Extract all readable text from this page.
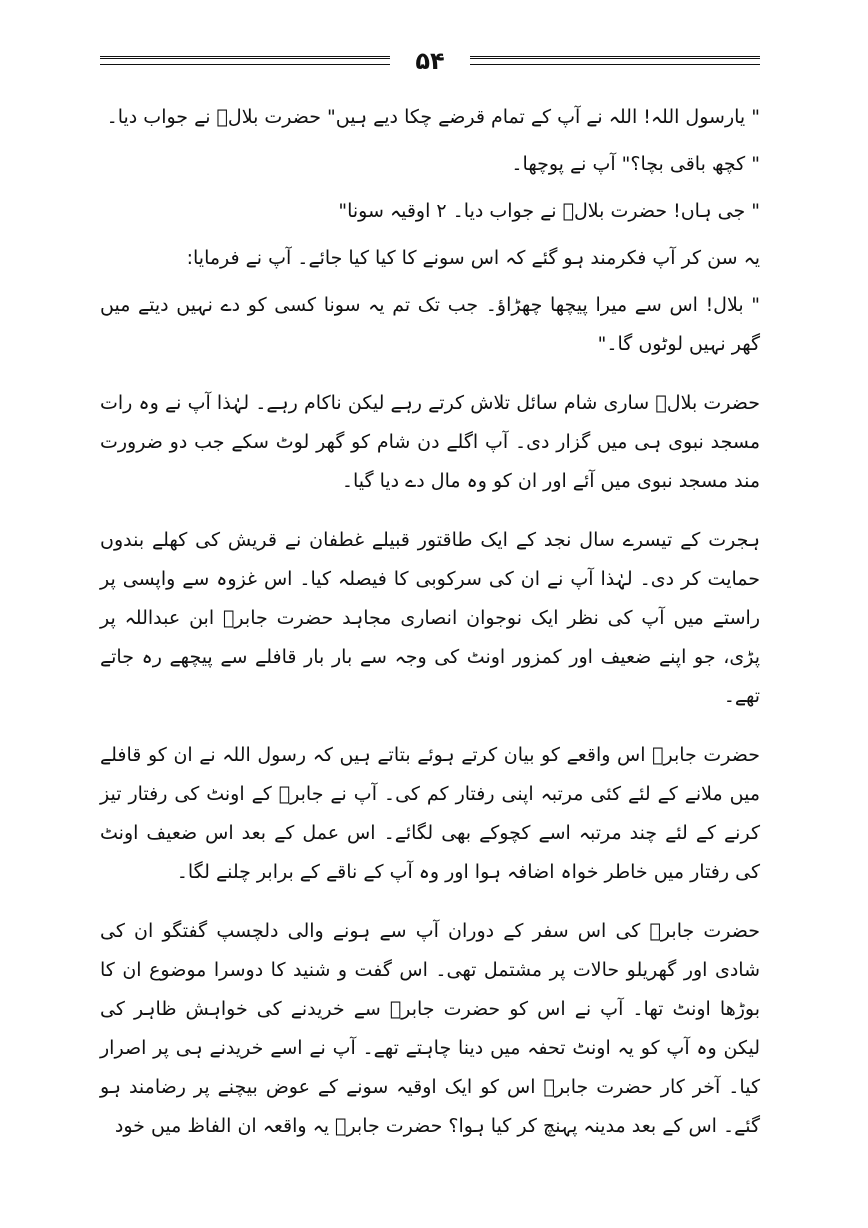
۵۴

" یارسول اللہ! اللہ نے آپ کے تمام قرضے چکا دیے ہیں" حضرت بلالؓ نے جواب دیا۔

" کچھ باقی بچا؟" آپ نے پوچھا۔

" جی ہاں! حضرت بلالؓ نے جواب دیا۔ ۲ اوقیہ سونا"

یہ سن کر آپ فکرمند ہو گئے کہ اس سونے کا کیا کیا جائے۔ آپ نے فرمایا:

" بلال! اس سے میرا پیچھا چھڑاؤ۔ جب تک تم یہ سونا کسی کو دے نہیں دیتے میں گھر نہیں لوٹوں گا۔"

حضرت بلالؓ ساری شام سائل تلاش کرتے رہے لیکن ناکام رہے۔ لہٰذا آپ نے وہ رات مسجد نبوی ہی میں گزار دی۔ آپ اگلے دن شام کو گھر لوٹ سکے جب دو ضرورت مند مسجد نبوی میں آئے اور ان کو وہ مال دے دیا گیا۔

ہجرت کے تیسرے سال نجد کے ایک طاقتور قبیلے غطفان نے قریش کی کھلے بندوں حمایت کر دی۔ لہٰذا آپ نے ان کی سرکوبی کا فیصلہ کیا۔ اس غزوہ سے واپسی پر راستے میں آپ کی نظر ایک نوجوان انصاری مجاہد حضرت جابرؓ ابن عبداللہ پر پڑی، جو اپنے ضعیف اور کمزور اونٹ کی وجہ سے بار بار قافلے سے پیچھے رہ جاتے تھے۔

حضرت جابرؓ اس واقعے کو بیان کرتے ہوئے بتاتے ہیں کہ رسول اللہ نے ان کو قافلے میں ملانے کے لئے کئی مرتبہ اپنی رفتار کم کی۔ آپ نے جابرؓ کے اونٹ کی رفتار تیز کرنے کے لئے چند مرتبہ اسے کچوکے بھی لگائے۔ اس عمل کے بعد اس ضعیف اونٹ کی رفتار میں خاطر خواہ اضافہ ہوا اور وہ آپ کے ناقے کے برابر چلنے لگا۔

حضرت جابرؓ کی اس سفر کے دوران آپ سے ہونے والی دلچسپ گفتگو ان کی شادی اور گھریلو حالات پر مشتمل تھی۔ اس گفت و شنید کا دوسرا موضوع ان کا بوڑھا اونٹ تھا۔ آپ نے اس کو حضرت جابرؓ سے خریدنے کی خواہش ظاہر کی لیکن وہ آپ کو یہ اونٹ تحفہ میں دینا چاہتے تھے۔ آپ نے اسے خریدنے ہی پر اصرار کیا۔ آخر کار حضرت جابرؓ اس کو ایک اوقیہ سونے کے عوض بیچنے پر رضامند ہو گئے۔ اس کے بعد مدینہ پہنچ کر کیا ہوا؟ حضرت جابرؓ یہ واقعہ ان الفاظ میں خود
